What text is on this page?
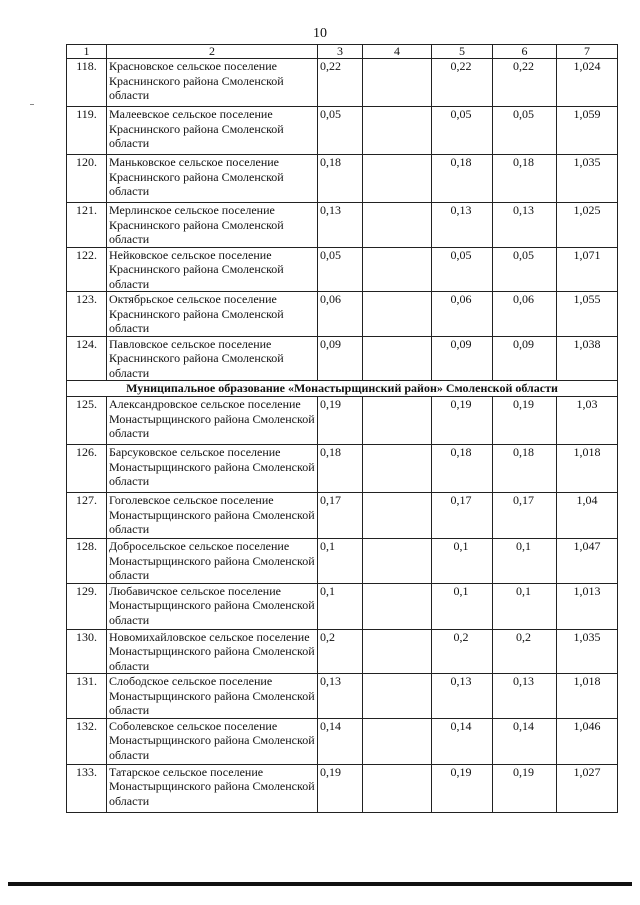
10
1	2	3	4	5	6	7
118.	Красновское сельское поселение Краснинского района Смоленской области	0,22		0,22	0,22	1,024
119.	Малеевское сельское поселение Краснинского района Смоленской области	0,05		0,05	0,05	1,059
120.	Маньковское сельское поселение Краснинского района Смоленской области	0,18		0,18	0,18	1,035
121.	Мерлинское сельское поселение Краснинского района Смоленской области	0,13		0,13	0,13	1,025
122.	Нейковское сельское поселение Краснинского района Смоленской области	0,05		0,05	0,05	1,071
123.	Октябрьское сельское поселение Краснинского района Смоленской области	0,06		0,06	0,06	1,055
124.	Павловское сельское поселение Краснинского района Смоленской области	0,09		0,09	0,09	1,038
Муниципальное образование «Монастырщинский район» Смоленской области						
125.	Александровское сельское поселение Монастырщинского района Смоленской области	0,19		0,19	0,19	1,03
126.	Барсуковское сельское поселение Монастырщинского района Смоленской области	0,18		0,18	0,18	1,018
127.	Гоголевское сельское поселение Монастырщинского района Смоленской области	0,17		0,17	0,17	1,04
128.	Добросельское сельское поселение Монастырщинского района Смоленской области	0,1		0,1	0,1	1,047
129.	Любавичское сельское поселение Монастырщинского района Смоленской области	0,1		0,1	0,1	1,013
130.	Новомихайловское сельское поселение Монастырщинского района Смоленской области	0,2		0,2	0,2	1,035
131.	Слободское сельское поселение Монастырщинского района Смоленской области	0,13		0,13	0,13	1,018
132.	Соболевское сельское поселение Монастырщинского района Смоленской области	0,14		0,14	0,14	1,046
133.	Татарское сельское поселение Монастырщинского района Смоленской области	0,19		0,19	0,19	1,027
